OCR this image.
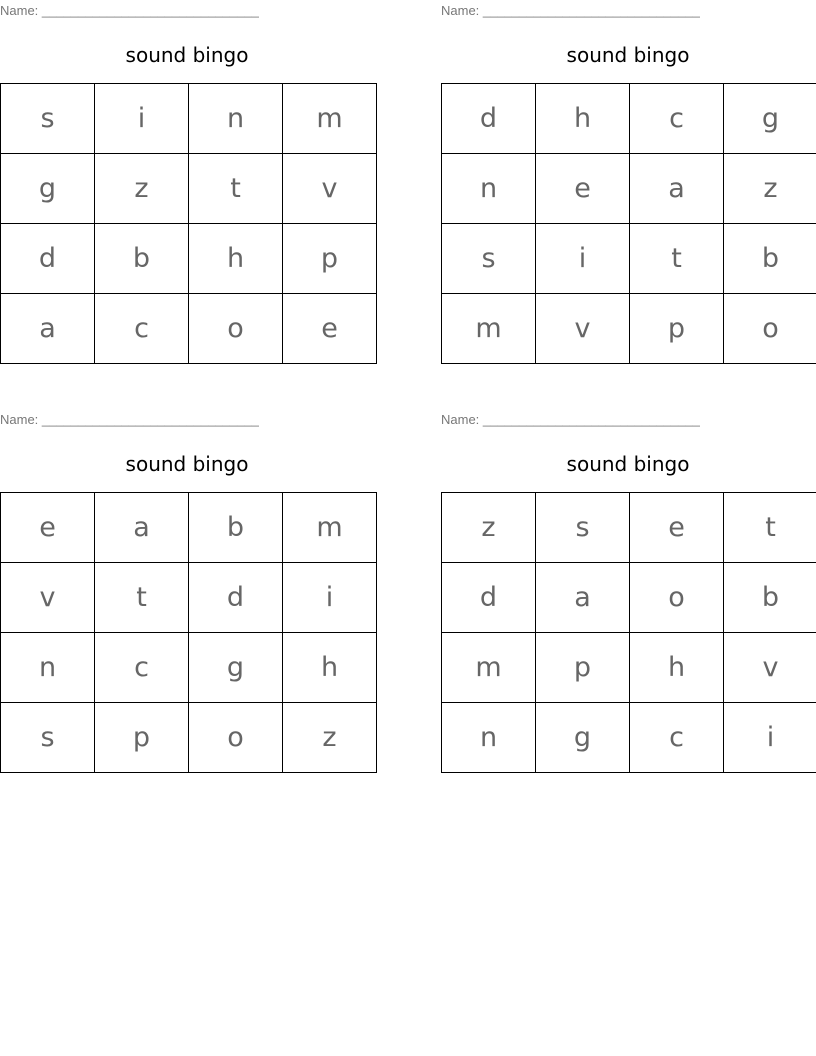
Name: ______________________________
sound bingo
s	i	n	m
g	z	t	v
d	b	h	p
a	c	o	e
Name: ______________________________
sound bingo
d	h	c	g
n	e	a	z
s	i	t	b
m	v	p	o
Name: ______________________________
sound bingo
e	a	b	m
v	t	d	i
n	c	g	h
s	p	o	z
Name: ______________________________
sound bingo
z	s	e	t
d	a	o	b
m	p	h	v
n	g	c	i
